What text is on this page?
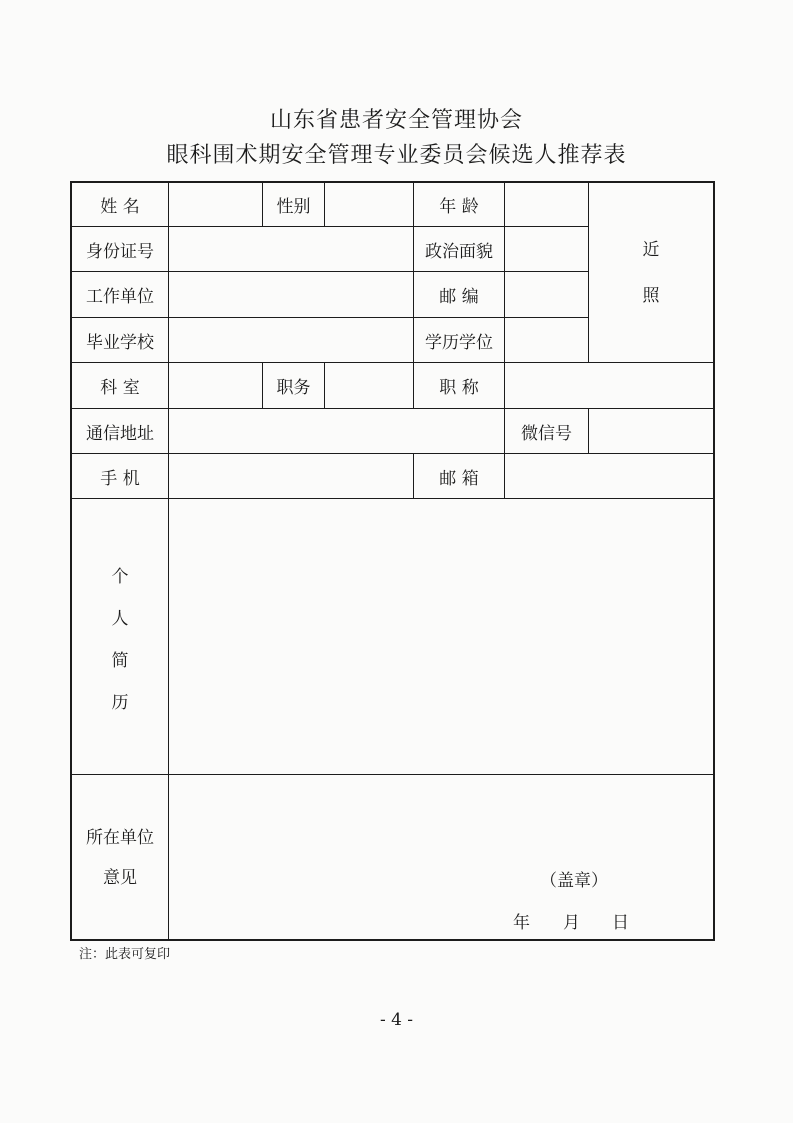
山东省患者安全管理协会
眼科围术期安全管理专业委员会候选人推荐表
姓 名	性别	年 龄
近
照
身份证号	政治面貌
工作单位	邮 编
毕业学校	学历学位
科 室	职务	职 称
通信地址	微信号
手 机	邮 箱
个
人
简
历
所在单位
意见	（盖章）
年 月 日
注：此表可复印
- 4 -
